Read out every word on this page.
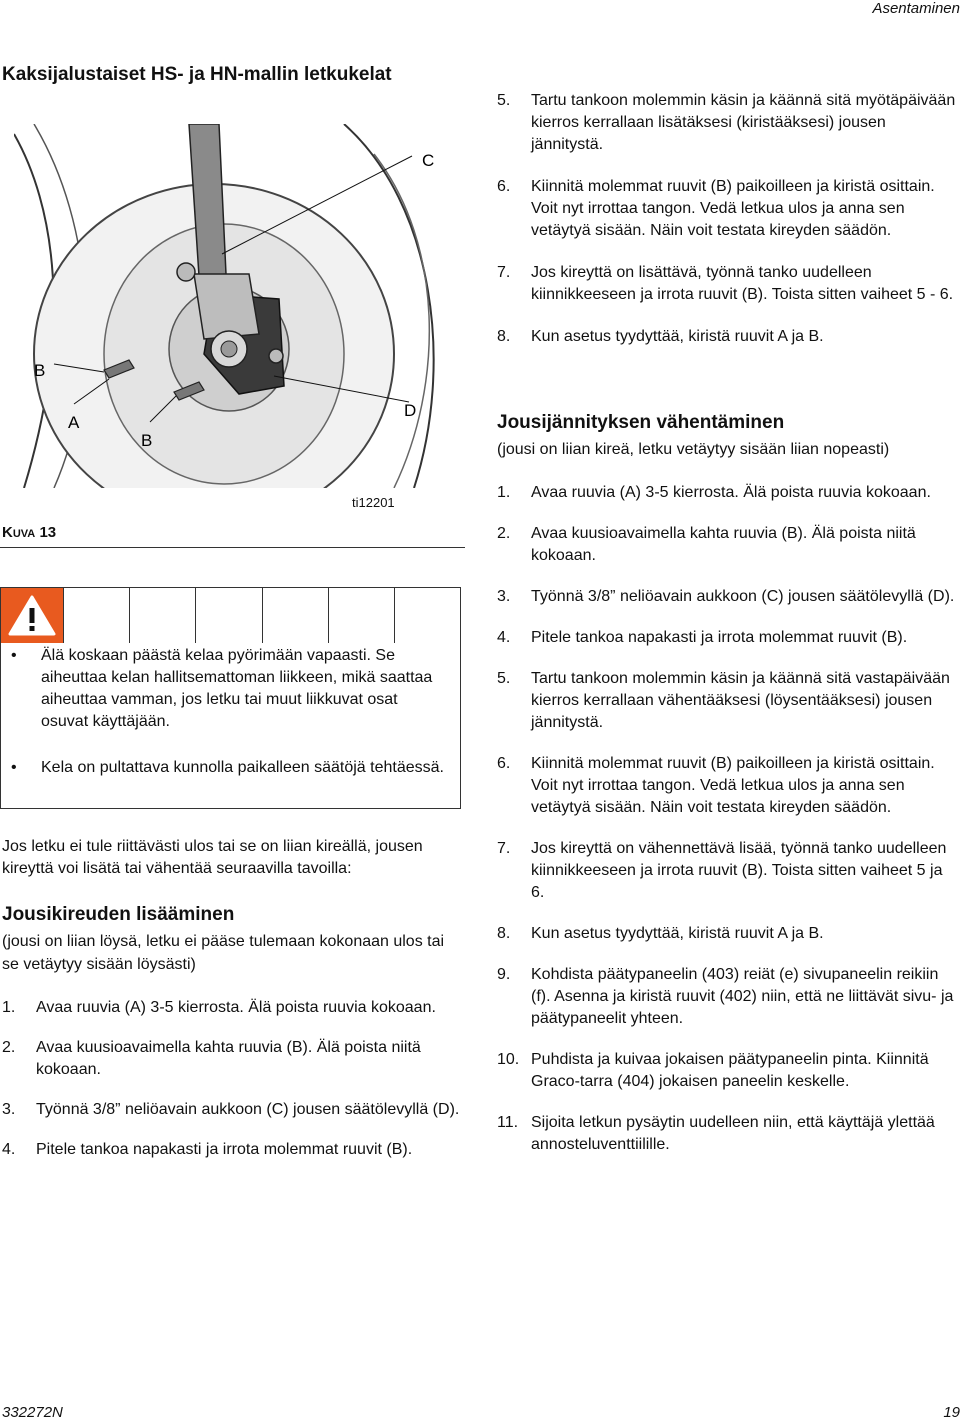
Asentaminen
Kaksijalustaiset HS- ja HN-mallin letkukelat
C
B
A
B
D
ti12201
KUVA 13
• Älä koskaan päästä kelaa pyörimään vapaasti. Se aiheuttaa kelan hallitsemattoman liikkeen, mikä saattaa aiheuttaa vamman, jos letku tai muut liikkuvat osat osuvat käyttäjään.
• Kela on pultattava kunnolla paikalleen säätöjä tehtäessä.

Jos letku ei tule riittävästi ulos tai se on liian kireällä, jousen kireyttä voi lisätä tai vähentää seuraavilla tavoilla:

Jousikireuden lisääminen
(jousi on liian löysä, letku ei pääse tulemaan kokonaan ulos tai se vetäytyy sisään löysästi)
1. Avaa ruuvia (A) 3-5 kierrosta. Älä poista ruuvia kokoaan.
2. Avaa kuusioavaimella kahta ruuvia (B). Älä poista niitä kokoaan.
3. Työnnä 3/8” neliöavain aukkoon (C) jousen säätölevyllä (D).
4. Pitele tankoa napakasti ja irrota molemmat ruuvit (B).
5. Tartu tankoon molemmin käsin ja käännä sitä myötäpäivään kierros kerrallaan lisätäksesi (kiristääksesi) jousen jännitystä.
6. Kiinnitä molemmat ruuvit (B) paikoilleen ja kiristä osittain. Voit nyt irrottaa tangon. Vedä letkua ulos ja anna sen vetäytyä sisään. Näin voit testata kireyden säädön.
7. Jos kireyttä on lisättävä, työnnä tanko uudelleen kiinnikkeeseen ja irrota ruuvit (B). Toista sitten vaiheet 5 - 6.
8. Kun asetus tyydyttää, kiristä ruuvit A ja B.
Jousijännityksen vähentäminen
(jousi on liian kireä, letku vetäytyy sisään liian nopeasti)
1. Avaa ruuvia (A) 3-5 kierrosta. Älä poista ruuvia kokoaan.
2. Avaa kuusioavaimella kahta ruuvia (B). Älä poista niitä kokoaan.
3. Työnnä 3/8” neliöavain aukkoon (C) jousen säätölevyllä (D).
4. Pitele tankoa napakasti ja irrota molemmat ruuvit (B).
5. Tartu tankoon molemmin käsin ja käännä sitä vastapäivään kierros kerrallaan vähentääksesi (löysentääksesi) jousen jännitystä.
6. Kiinnitä molemmat ruuvit (B) paikoilleen ja kiristä osittain. Voit nyt irrottaa tangon. Vedä letkua ulos ja anna sen vetäytyä sisään. Näin voit testata kireyden säädön.
7. Jos kireyttä on vähennettävä lisää, työnnä tanko uudelleen kiinnikkeeseen ja irrota ruuvit (B). Toista sitten vaiheet 5 ja 6.
8. Kun asetus tyydyttää, kiristä ruuvit A ja B.
9. Kohdista päätypaneelin (403) reiät (e) sivupaneelin reikiin (f). Asenna ja kiristä ruuvit (402) niin, että ne liittävät sivu- ja päätypaneelit yhteen.
10. Puhdista ja kuivaa jokaisen päätypaneelin pinta. Kiinnitä Graco-tarra (404) jokaisen paneelin keskelle.
11. Sijoita letkun pysäytin uudelleen niin, että käyttäjä ylettää annosteluventtiilille.
332272N	19
